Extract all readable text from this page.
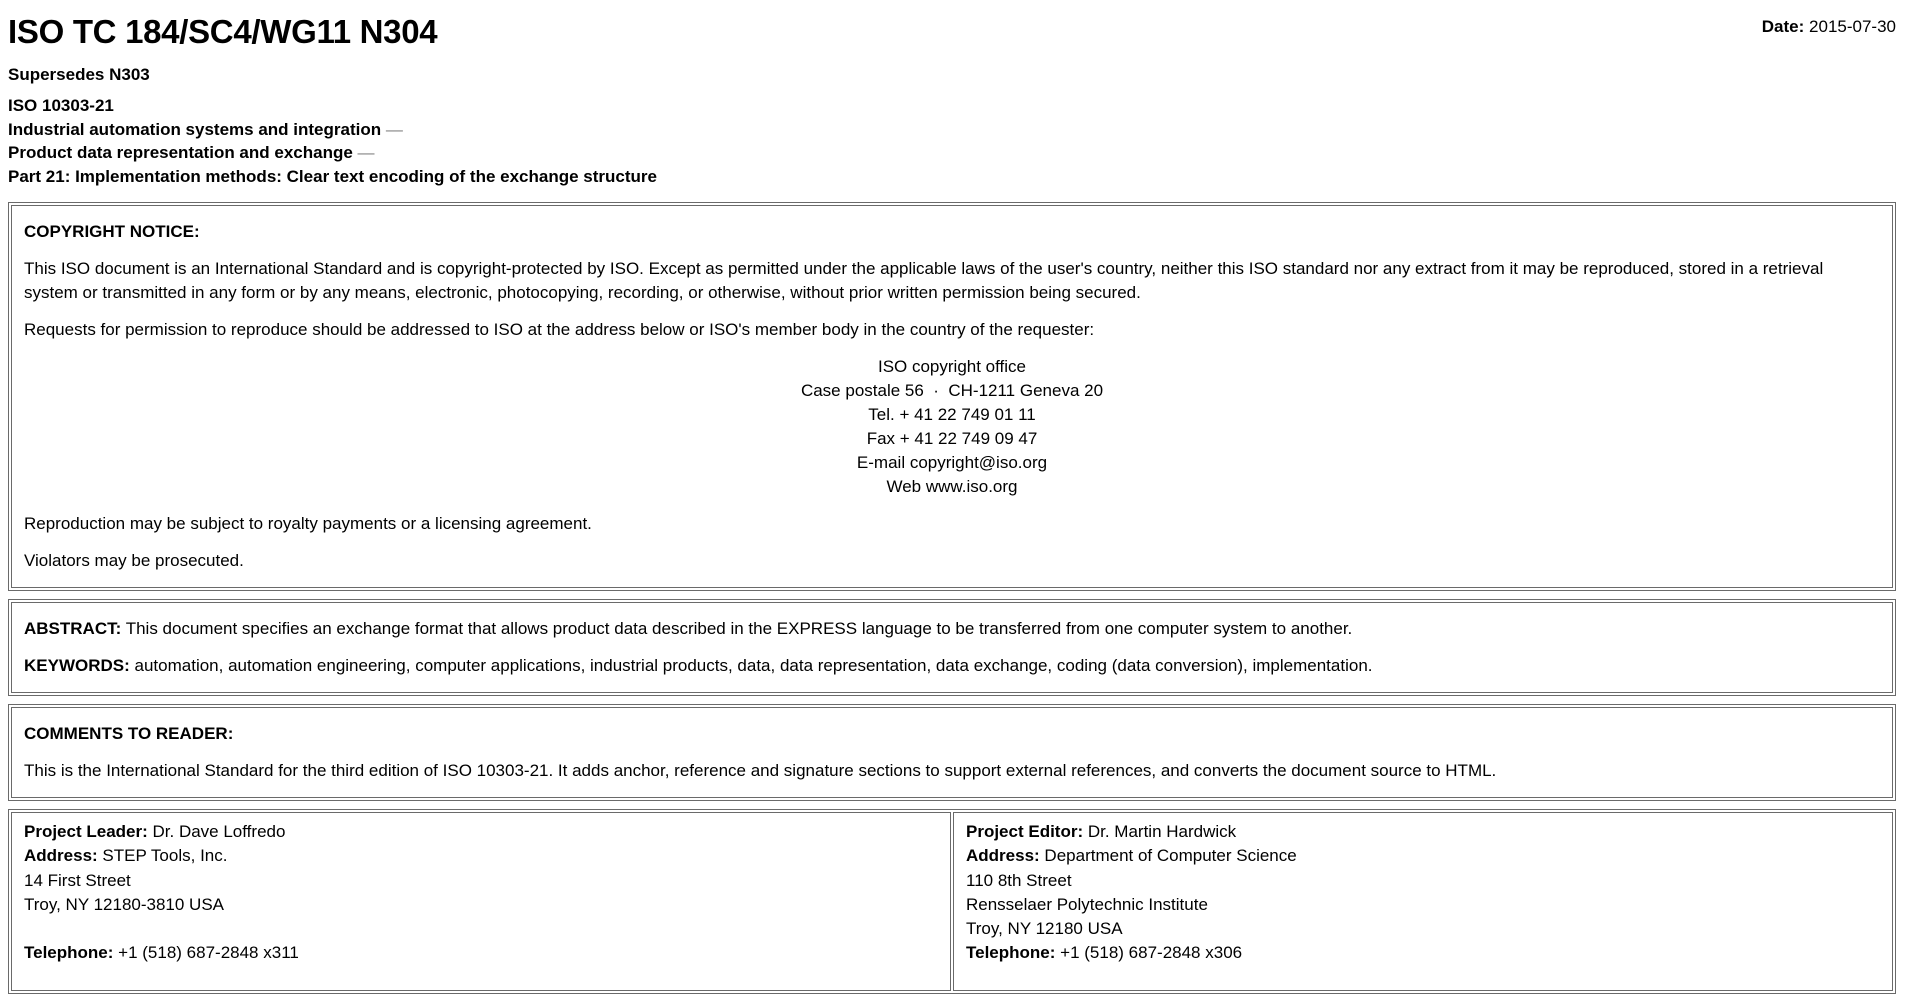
ISO TC 184/SC4/WG11 N304	Date: 2015-07-30

Supersedes N303

ISO 10303-21
Industrial automation systems and integration —
Product data representation and exchange —
Part 21: Implementation methods: Clear text encoding of the exchange structure

COPYRIGHT NOTICE:

This ISO document is an International Standard and is copyright-protected by ISO. Except as permitted under the applicable laws of the user's country, neither this ISO standard nor any extract from it may be reproduced, stored in a retrieval system or transmitted in any form or by any means, electronic, photocopying, recording, or otherwise, without prior written permission being secured.

Requests for permission to reproduce should be addressed to ISO at the address below or ISO's member body in the country of the requester:

ISO copyright office
Case postale 56  ·  CH-1211 Geneva 20
Tel. + 41 22 749 01 11
Fax + 41 22 749 09 47
E-mail copyright@iso.org
Web www.iso.org

Reproduction may be subject to royalty payments or a licensing agreement.

Violators may be prosecuted.

ABSTRACT: This document specifies an exchange format that allows product data described in the EXPRESS language to be transferred from one computer system to another.

KEYWORDS: automation, automation engineering, computer applications, industrial products, data, data representation, data exchange, coding (data conversion), implementation.

COMMENTS TO READER:

This is the International Standard for the third edition of ISO 10303-21. It adds anchor, reference and signature sections to support external references, and converts the document source to HTML.

Project Leader: Dr. Dave Loffredo
Address: STEP Tools, Inc.
14 First Street
Troy, NY 12180-3810 USA
Telephone: +1 (518) 687-2848 x311
Project Editor: Dr. Martin Hardwick
Address: Department of Computer Science
110 8th Street
Rensselaer Polytechnic Institute
Troy, NY 12180 USA
Telephone: +1 (518) 687-2848 x306
